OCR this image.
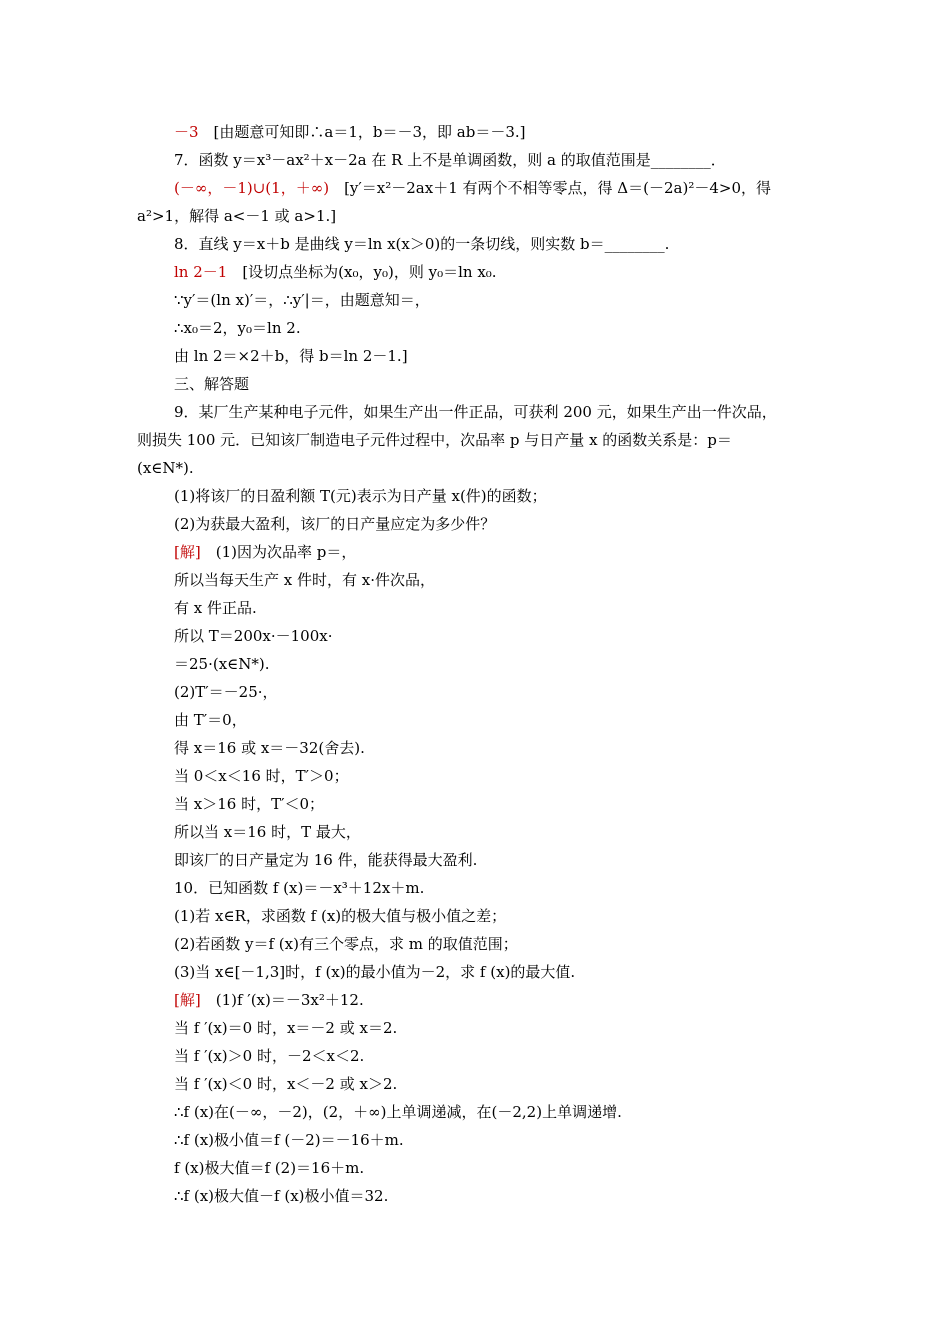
－3　[由题意可知即∴a＝1，b＝－3，即 ab＝－3.]
7．函数 y＝x³－ax²＋x－2a 在 R 上不是单调函数，则 a 的取值范围是________．
(－∞，－1)∪(1，＋∞)　[y′＝x²－2ax＋1 有两个不相等零点，得 Δ＝(－2a)²－4>0，得
a²>1，解得 a<－1 或 a>1.]
8．直线 y＝x＋b 是曲线 y＝ln x(x＞0)的一条切线，则实数 b＝________.
ln 2－1　[设切点坐标为(x₀，y₀)，则 y₀＝ln x₀.
∵y′＝(ln x)′＝，∴y′|＝，由题意知＝，
∴x₀＝2，y₀＝ln 2.
由 ln 2＝×2＋b，得 b＝ln 2－1.]
三、解答题
9．某厂生产某种电子元件，如果生产出一件正品，可获利 200 元，如果生产出一件次品，
则损失 100 元．已知该厂制造电子元件过程中，次品率 p 与日产量 x 的函数关系是：p＝
(x∈N*).
(1)将该厂的日盈利额 T(元)表示为日产量 x(件)的函数；
(2)为获最大盈利，该厂的日产量应定为多少件？
[解]　(1)因为次品率 p＝，
所以当每天生产 x 件时，有 x·件次品，
有 x 件正品.
所以 T＝200x·－100x·
＝25·(x∈N*).
(2)T′＝－25·，
由 T′＝0，
得 x＝16 或 x＝－32(舍去).
当 0＜x＜16 时，T′＞0；
当 x＞16 时，T′＜0；
所以当 x＝16 时，T 最大，
即该厂的日产量定为 16 件，能获得最大盈利.
10．已知函数 f (x)＝－x³＋12x＋m.
(1)若 x∈R，求函数 f (x)的极大值与极小值之差；
(2)若函数 y＝f (x)有三个零点，求 m 的取值范围；
(3)当 x∈[－1,3]时，f (x)的最小值为－2，求 f (x)的最大值.
[解]　(1)f ′(x)＝－3x²＋12.
当 f ′(x)＝0 时，x＝－2 或 x＝2.
当 f ′(x)＞0 时，－2＜x＜2.
当 f ′(x)＜0 时，x＜－2 或 x＞2.
∴f (x)在(－∞，－2)，(2，＋∞)上单调递减，在(－2,2)上单调递增.
∴f (x)极小值＝f (－2)＝－16＋m.
f (x)极大值＝f (2)＝16＋m.
∴f (x)极大值－f (x)极小值＝32.
